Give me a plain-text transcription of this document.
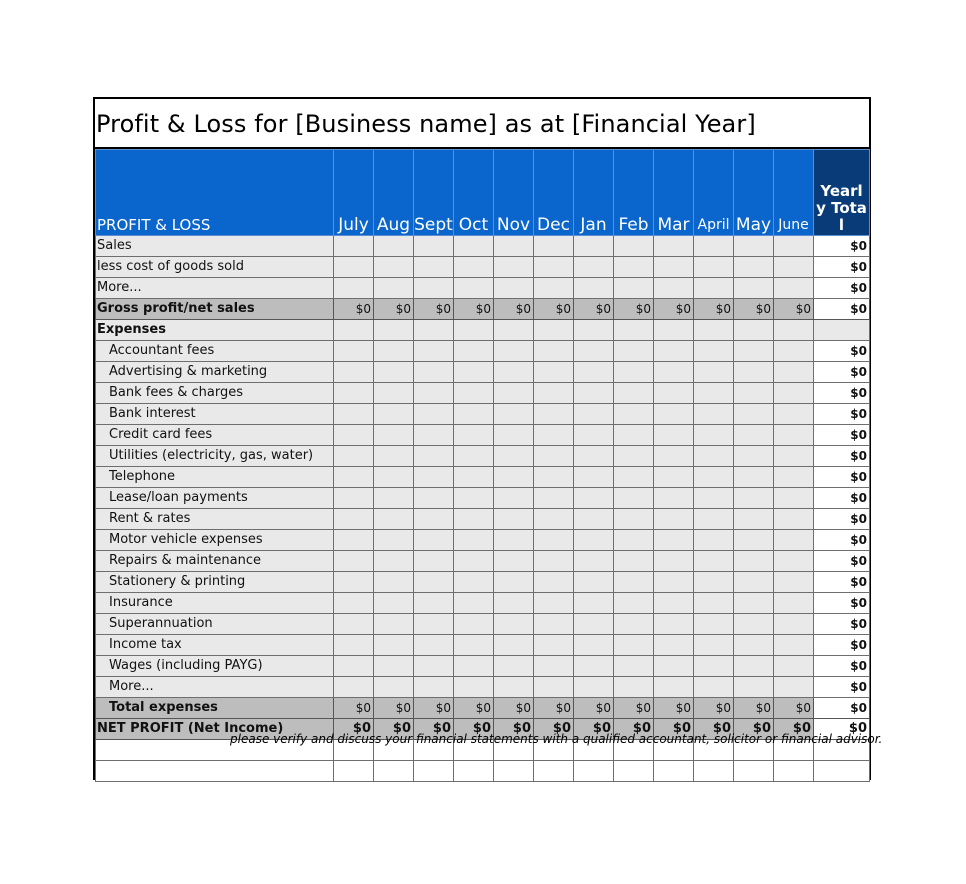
Profit & Loss for [Business name] as at [Financial Year]
PROFIT & LOSS	July	Aug	Sept	Oct	Nov	Dec	Jan	Feb	Mar	April	May	June	Yearly Total
Sales													$0
less cost of goods sold													$0
More...													$0
Gross profit/net sales	$0	$0	$0	$0	$0	$0	$0	$0	$0	$0	$0	$0	$0
Expenses													
Accountant fees													$0
Advertising & marketing													$0
Bank fees & charges													$0
Bank interest													$0
Credit card fees													$0
Utilities (electricity, gas, water)													$0
Telephone													$0
Lease/loan payments													$0
Rent & rates													$0
Motor vehicle expenses													$0
Repairs & maintenance													$0
Stationery & printing													$0
Insurance													$0
Superannuation													$0
Income tax													$0
Wages (including PAYG)													$0
More...													$0
Total expenses	$0	$0	$0	$0	$0	$0	$0	$0	$0	$0	$0	$0	$0
NET PROFIT (Net Income)	$0	$0	$0	$0	$0	$0	$0	$0	$0	$0	$0	$0	$0

please verify and discuss your financial statements with a qualified accountant, solicitor or financial advisor.
